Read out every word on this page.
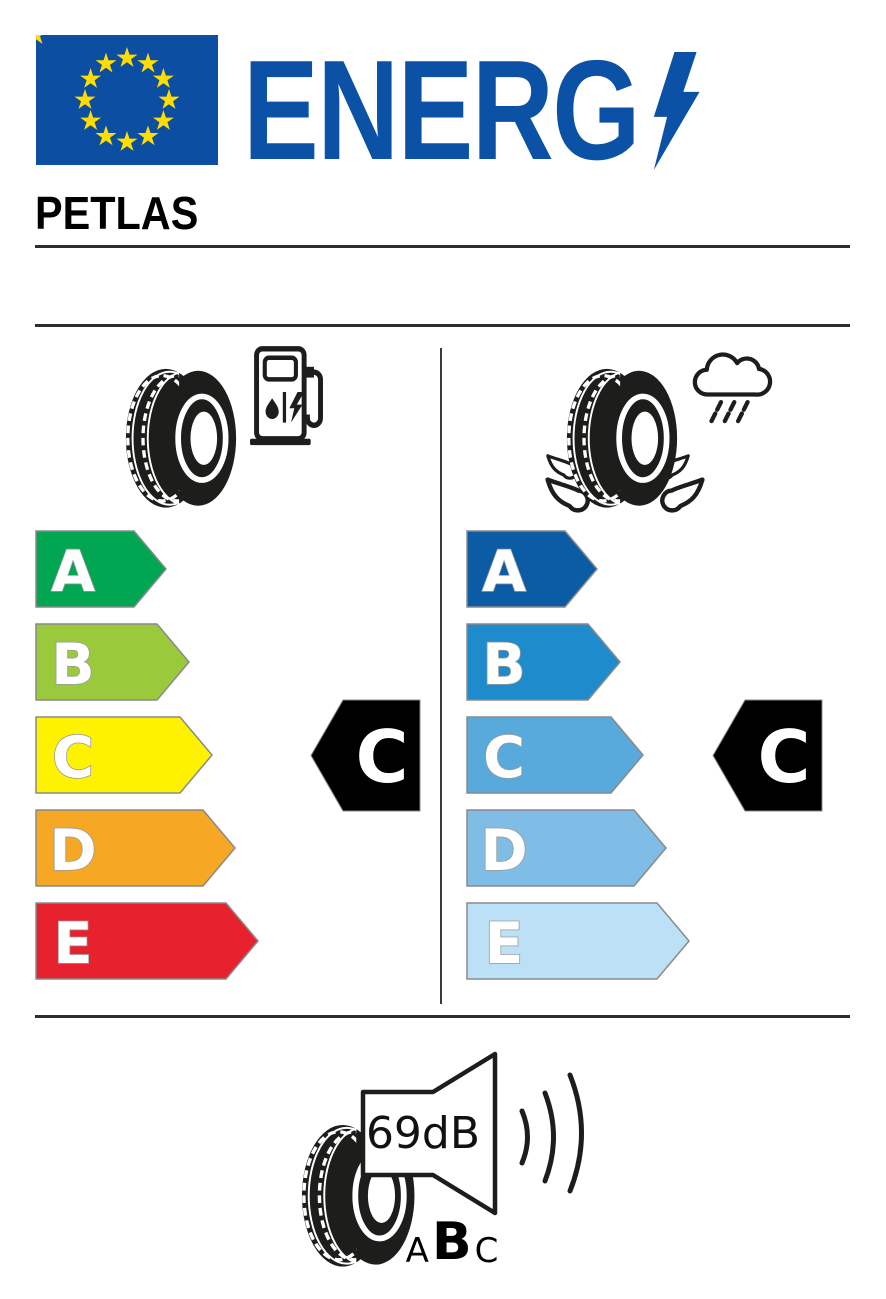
ENERG
PETLAS
A
B
C
D
E
A
B
C
D
E
C	C
69dB
A B C
